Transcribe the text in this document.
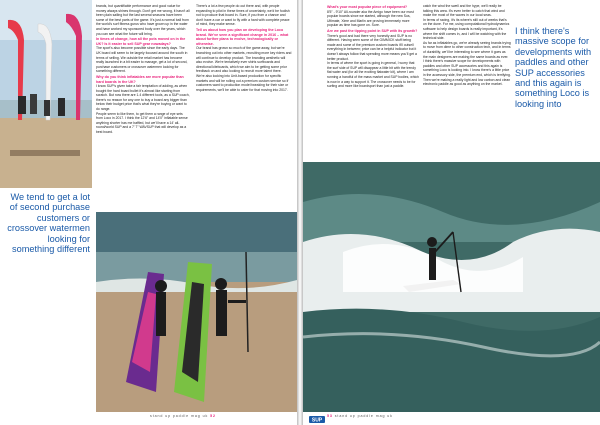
brands, but quantifiable performance and good value for money always shines through. Don't get me wrong, it hasn't all been plain sailing but the last several seasons have been some of the best parts of the game. It's just a normal ball from the world's surf fitness gurus who have grown up in the water and have worked my sponsored body over the years, which you can see what the future will bring.

In times of change, how all the pots moved on in the UK? Is it easier to sell SUP gear nowadays?

The sport's also become possible since the early days. The UK board will seem to be largely focused around the south in terms of selling. We outside the retail market has become really launched in a bit easier to manage, get a lot of second, purchase customers or crossover watermen looking for something different.

Why do you think inflatables are more popular than hard boards in the UK?

I know SUP's given take a fair temptation of adding, as when bought the hard board bullet it's almost like starting from scratch. But now there are 1.4 different tools, as a SUP coach, there's no reason for any one to buy a board any bigger than below their budget price that's what they're buying or want to do range.

People seem to like them, to get them a range of eye sets from Loco in 2017. I think the 12'6" and 14'0" inflatable sense anything shorter has me baffled, but we'll have a 14' all-round/world SUP and a 7' 7" WAVSUP that will develop as a best board.

There's a lot a few people do out there and, with people expanding to pilot in these times of uncertainty, we'd be foolish not to produce that board in. Sure, if you from a chance and don't have a car or want to fly with a hard with complete peace of mind, they make sense.

Tell us about how you plan on developing the Loco brand. We've seen a significant change in 2016 – what about further plans to evolve, technologically or otherwise.

Our brand has grown so much of the game away, but we're branching out into other markets, recruiting more key riders and will continue to develop product. The branding aesthetic will also evolve. We're tentatively ever shirts surfboards and directional kiteboards, which we aim to be getting some prior feedback on and also looking to recruit more talent there.

We're also looking into Unit-based production for specific markets and will be rolling out a premium custom service so if customers want to production model tweaking for their size or requirements, we'll be able to cater for that moving into 2017.

We tend to get a lot of second purchase customers or crossover watermen looking for something different
stand up paddle mag uk 52

What's your most popular piece of equipment?

8'5" - 9'10" All-rounder aka the Amigo have been our most popular boards since we started, although the new Sus, Ultimate, Xime and Marlin are proving immensely more popular as time has gone on. Sure.

Are we past the tipping point in SUP with its growth?

There's good and bad there very honestly and SUP is no different. Having seen some of the GIMMICK stuff being made and some of the premium custom boards it'll outsell everything in between; price can be a helpful indicator but it doesn't always follow that spending more means you'll get a better product.

In terms of where the sport is going in general, I worry that the surf side of SUP will disappear a little bit with the trendy flat water and (for all the exciting flatwater kit), where I am running a handful of the mass market and SUP bodies, which is now in a way to support it. The crossover needs to be for surfing and more like boardsport than just a paddle.

catch the wind the swell and the hype, we'll really be talking this area. It's even better to catch that wind and make the most of the waves in our local seas.

In terms of racing, it's its where's still out of weeks that's on the dune. For me, using computational hydrodynamics software to help design boards is really important, it's where the shift comes in, and I will be watching with the technical side.

As far as inflatables go, we're already seeing brands trying to move from dime to other construction tech, and in terms of durability, we'll be interesting to see where it goes as the main designers are making the same boards as ever.

I think there's massive scope for developments with paddles and other SUP accessories and this again is something Loco is looking into. I know there's a little price in the accessory side, the premium end, which is terrifying. Then we're making a really light and low carbon and clean electronic paddle as good as anything on the market.

I think there's massive scope for developments with paddles and other SUP accessories and this again is something Loco is looking into
SUP
53 stand up paddle mag uk
